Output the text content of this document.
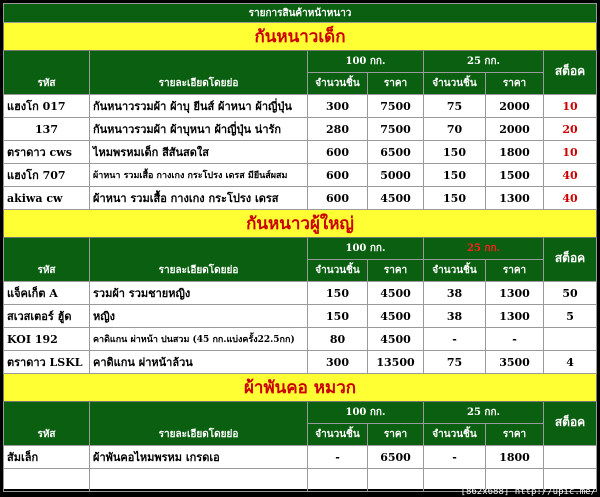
รายการสินค้าหน้าหนาว						
กันหนาวเด็ก						
รหัส	รายละเอียดโดยย่อ	100 กก.		25 กก.		สต็อค
		จำนวนชิ้น	ราคา	จำนวนชิ้น	ราคา	
แฮงโก 017	กันหนาวรวมผ้า ผ้าบุ ยีนส์ ผ้าหนา ผ้าญี่ปุ่น	300	7500	75	2000	10
137	กันหนาวรวมผ้า ผ้าบุหนา ผ้าญี่ปุ่น น่ารัก	280	7500	70	2000	20
ตราดาว cws	ไหมพรหมเด็ก สีสันสดใส	600	6500	150	1800	10
แฮงโก 707	ผ้าหนา รวมเสื้อ กางเกง กระโปรง เดรส มียีนส์ผสม	600	5000	150	1500	40
akiwa cw	ผ้าหนา รวมเสื้อ กางเกง กระโปรง เดรส	600	4500	150	1300	40
กันหนาวผู้ใหญ่						
รหัส	รายละเอียดโดยย่อ	100 กก.		25 กก.		สต็อค
		จำนวนชิ้น	ราคา	จำนวนชิ้น	ราคา	
แจ็คเก็ต A	รวมผ้า รวมชายหญิง	150	4500	38	1300	50
สเวสเตอร์ ฮู้ด	หญิง	150	4500	38	1300	5
KOI 192	คาดิแกน ผ่าหน้า ปนสวม (45 กก.แบ่งครั้ง22.5กก)	80	4500	-	-	
ตราดาว LSKL	คาดิแกน ผ่าหน้าล้วน	300	13500	75	3500	4
ผ้าพันคอ หมวก						
รหัส	รายละเอียดโดยย่อ	100 กก.		25 กก.		สต็อค
		จำนวนชิ้น	ราคา	จำนวนชิ้น	ราคา	
สัมเล็ก	ผ้าพันคอไหมพรหม เกรดเอ	-	6500	-	1800	

[862x688] http://upic.me/
